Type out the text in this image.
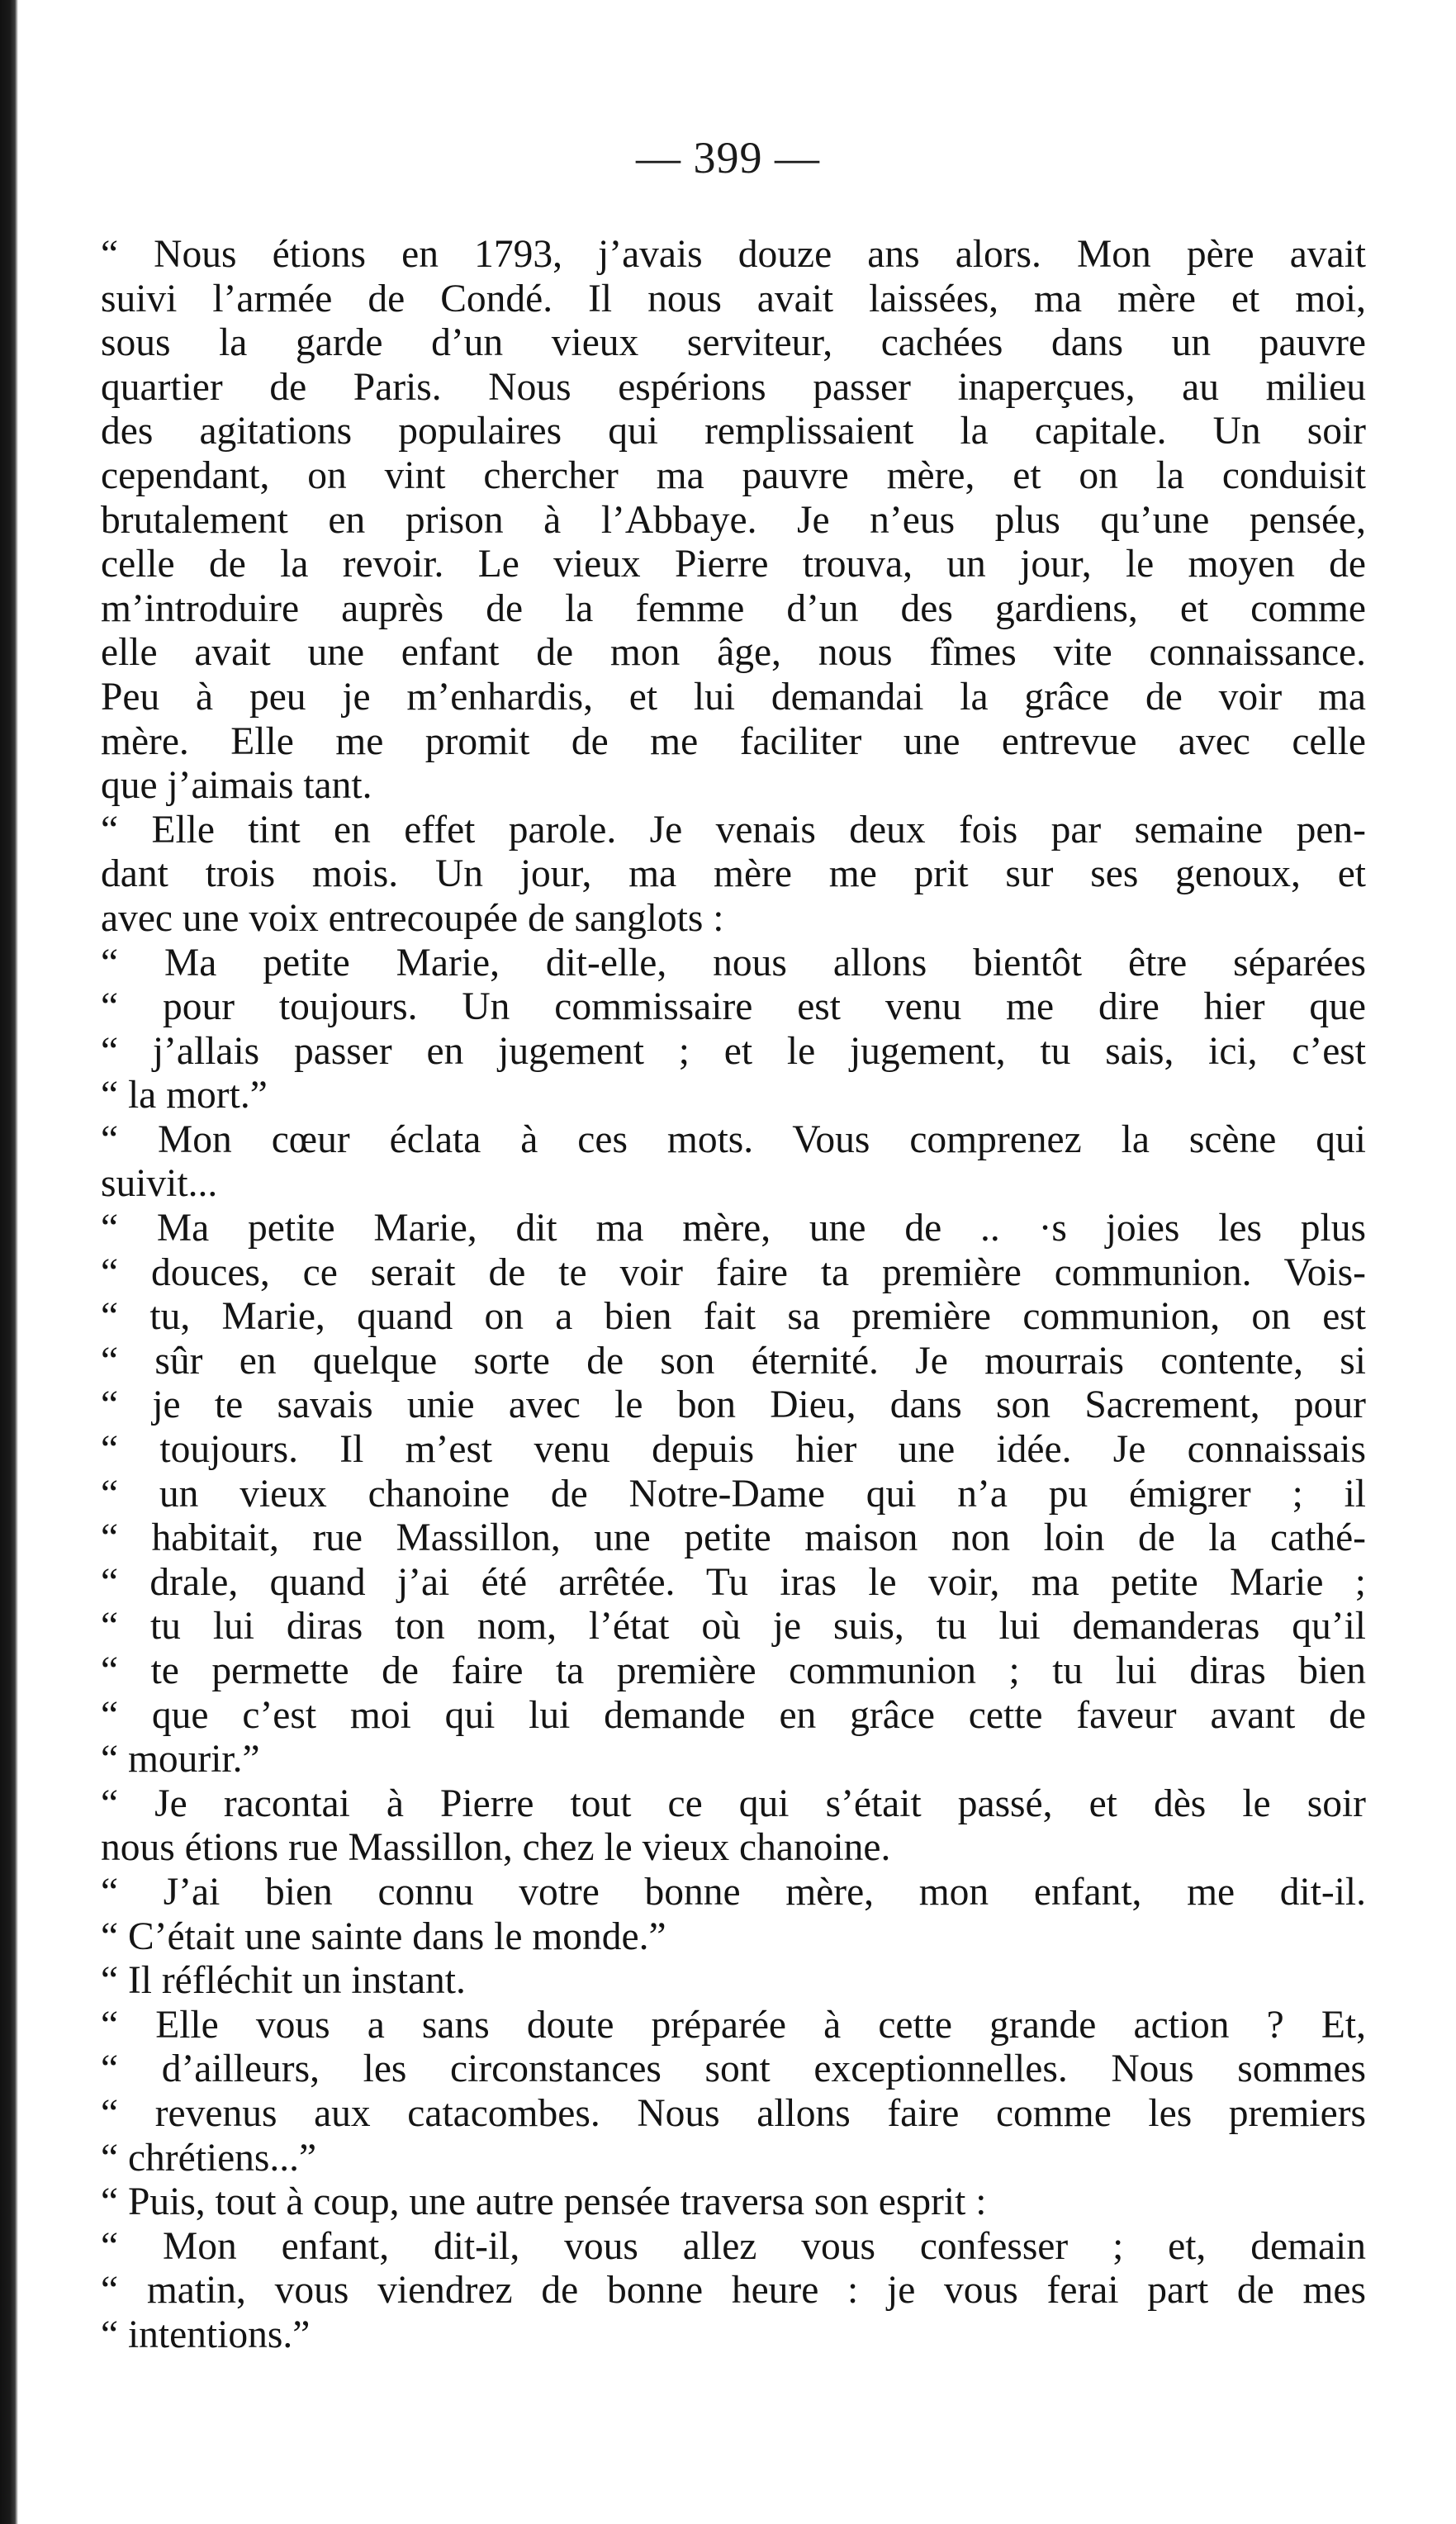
— 399 —
“ Nous étions en 1793, j’avais douze ans alors. Mon père avait
suivi l’armée de Condé. Il nous avait laissées, ma mère et moi,
sous la garde d’un vieux serviteur, cachées dans un pauvre
quartier de Paris. Nous espérions passer inaperçues, au milieu
des agitations populaires qui remplissaient la capitale. Un soir
cependant, on vint chercher ma pauvre mère, et on la conduisit
brutalement en prison à l’Abbaye. Je n’eus plus qu’une pensée,
celle de la revoir. Le vieux Pierre trouva, un jour, le moyen de
m’introduire auprès de la femme d’un des gardiens, et comme
elle avait une enfant de mon âge, nous fîmes vite connaissance.
Peu à peu je m’enhardis, et lui demandai la grâce de voir ma
mère. Elle me promit de me faciliter une entrevue avec celle
que j’aimais tant.
“ Elle tint en effet parole. Je venais deux fois par semaine pen-
dant trois mois. Un jour, ma mère me prit sur ses genoux, et
avec une voix entrecoupée de sanglots :
“ Ma petite Marie, dit-elle, nous allons bientôt être séparées
“ pour toujours. Un commissaire est venu me dire hier que
“ j’allais passer en jugement ; et le jugement, tu sais, ici, c’est
“ la mort.”
“ Mon cœur éclata à ces mots. Vous comprenez la scène qui
suivit...
“ Ma petite Marie, dit ma mère, une de .. ·s joies les plus
“ douces, ce serait de te voir faire ta première communion. Vois-
“ tu, Marie, quand on a bien fait sa première communion, on est
“ sûr en quelque sorte de son éternité. Je mourrais contente, si
“ je te savais unie avec le bon Dieu, dans son Sacrement, pour
“ toujours. Il m’est venu depuis hier une idée. Je connaissais
“ un vieux chanoine de Notre-Dame qui n’a pu émigrer ; il
“ habitait, rue Massillon, une petite maison non loin de la cathé-
“ drale, quand j’ai été arrêtée. Tu iras le voir, ma petite Marie ;
“ tu lui diras ton nom, l’état où je suis, tu lui demanderas qu’il
“ te permette de faire ta première communion ; tu lui diras bien
“ que c’est moi qui lui demande en grâce cette faveur avant de
“ mourir.”
“ Je racontai à Pierre tout ce qui s’était passé, et dès le soir
nous étions rue Massillon, chez le vieux chanoine.
“ J’ai bien connu votre bonne mère, mon enfant, me dit-il.
“ C’était une sainte dans le monde.”
“ Il réfléchit un instant.
“ Elle vous a sans doute préparée à cette grande action ? Et,
“ d’ailleurs, les circonstances sont exceptionnelles. Nous sommes
“ revenus aux catacombes. Nous allons faire comme les premiers
“ chrétiens...”
“ Puis, tout à coup, une autre pensée traversa son esprit :
“ Mon enfant, dit-il, vous allez vous confesser ; et, demain
“ matin, vous viendrez de bonne heure : je vous ferai part de mes
“ intentions.”
